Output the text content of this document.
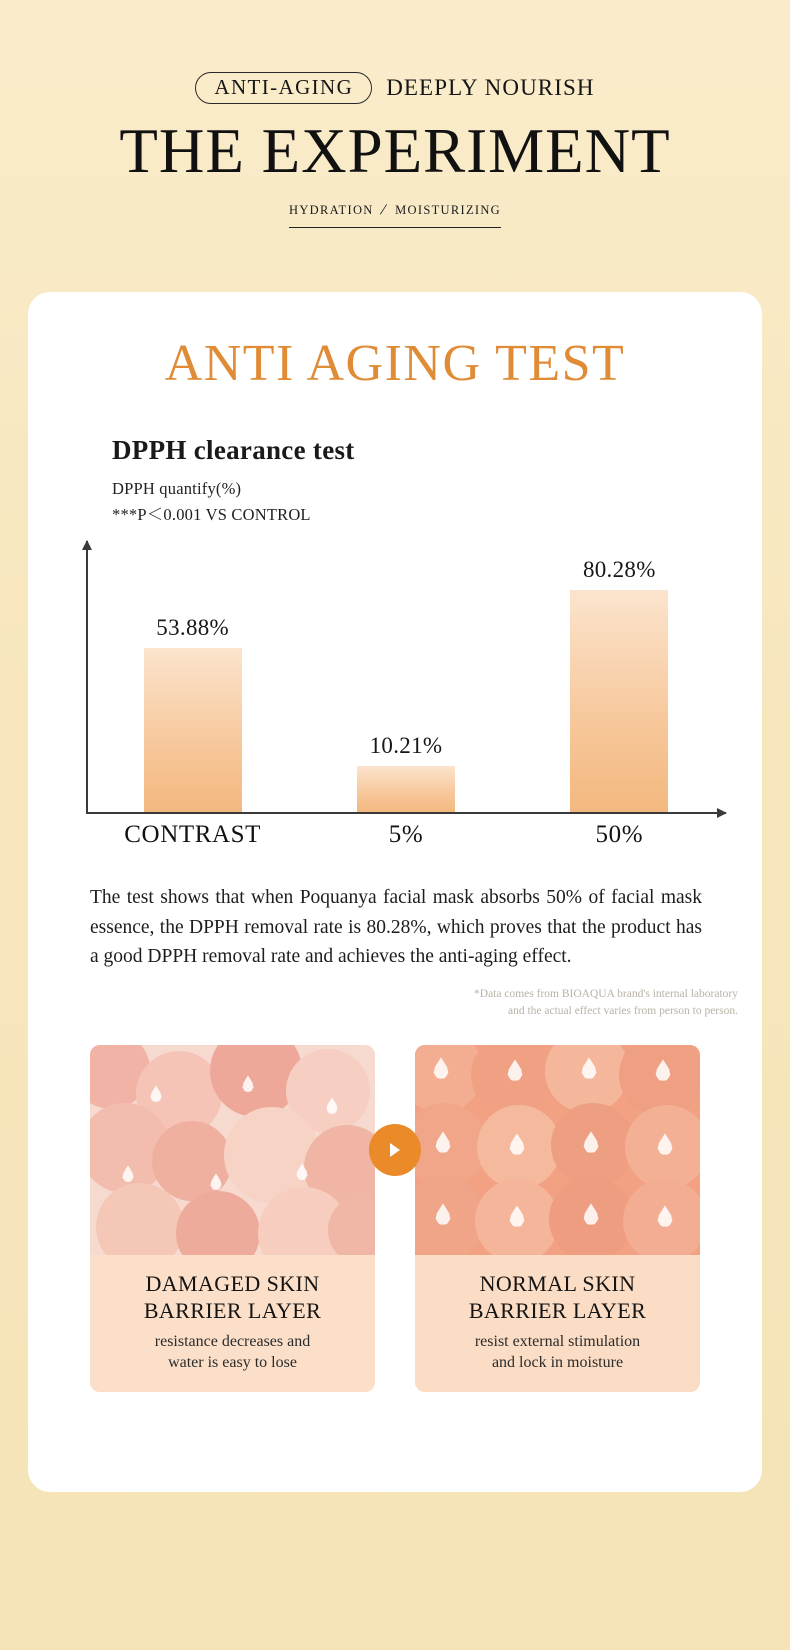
ANTI-AGING	DEEPLY NOURISH
THE EXPERIMENT
HYDRATION / MOISTURIZING
ANTI AGING TEST
DPPH clearance test
DPPH quantify(%)
***P＜0.001 VS CONTROL
53.88%
10.21%
80.28%
CONTRAST	5%	50%

The test shows that when Poquanya facial mask absorbs 50% of facial mask essence, the DPPH removal rate is 80.28%, which proves that the product has a good DPPH removal rate and achieves the anti-aging effect.

*Data comes from BIOAQUA brand's internal laboratory
and the actual effect varies from person to person.
DAMAGED SKIN
BARRIER LAYER
resistance decreases and
water is easy to lose
NORMAL SKIN
BARRIER LAYER
resist external stimulation
and lock in moisture
